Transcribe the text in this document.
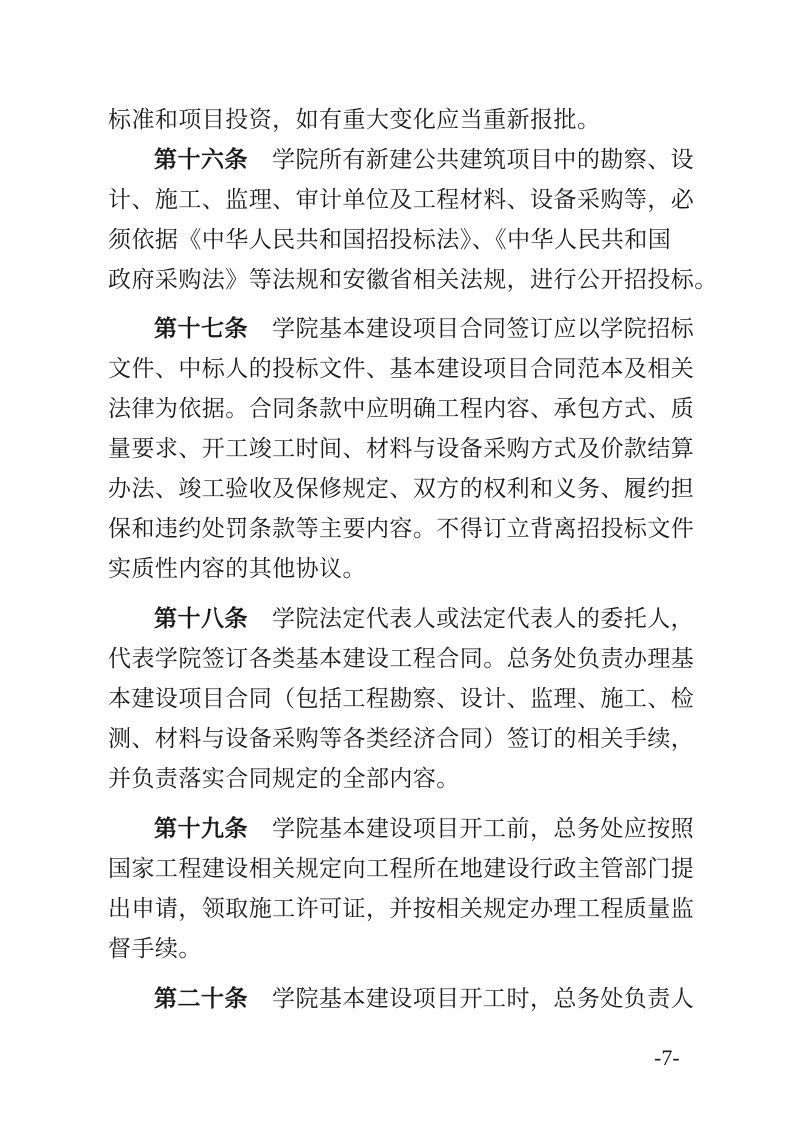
标准和项目投资，如有重大变化应当重新报批。
第十六条 学院所有新建公共建筑项目中的勘察、设
计、施工、监理、审计单位及工程材料、设备采购等，必
须依据《中华人民共和国招投标法》、《中华人民共和国
政府采购法》等法规和安徽省相关法规，进行公开招投标。
第十七条 学院基本建设项目合同签订应以学院招标
文件、中标人的投标文件、基本建设项目合同范本及相关
法律为依据。合同条款中应明确工程内容、承包方式、质
量要求、开工竣工时间、材料与设备采购方式及价款结算
办法、竣工验收及保修规定、双方的权利和义务、履约担
保和违约处罚条款等主要内容。不得订立背离招投标文件
实质性内容的其他协议。
第十八条 学院法定代表人或法定代表人的委托人，
代表学院签订各类基本建设工程合同。总务处负责办理基
本建设项目合同（包括工程勘察、设计、监理、施工、检
测、材料与设备采购等各类经济合同）签订的相关手续，
并负责落实合同规定的全部内容。
第十九条 学院基本建设项目开工前，总务处应按照
国家工程建设相关规定向工程所在地建设行政主管部门提
出申请，领取施工许可证，并按相关规定办理工程质量监
督手续。
第二十条 学院基本建设项目开工时，总务处负责人
-7-
